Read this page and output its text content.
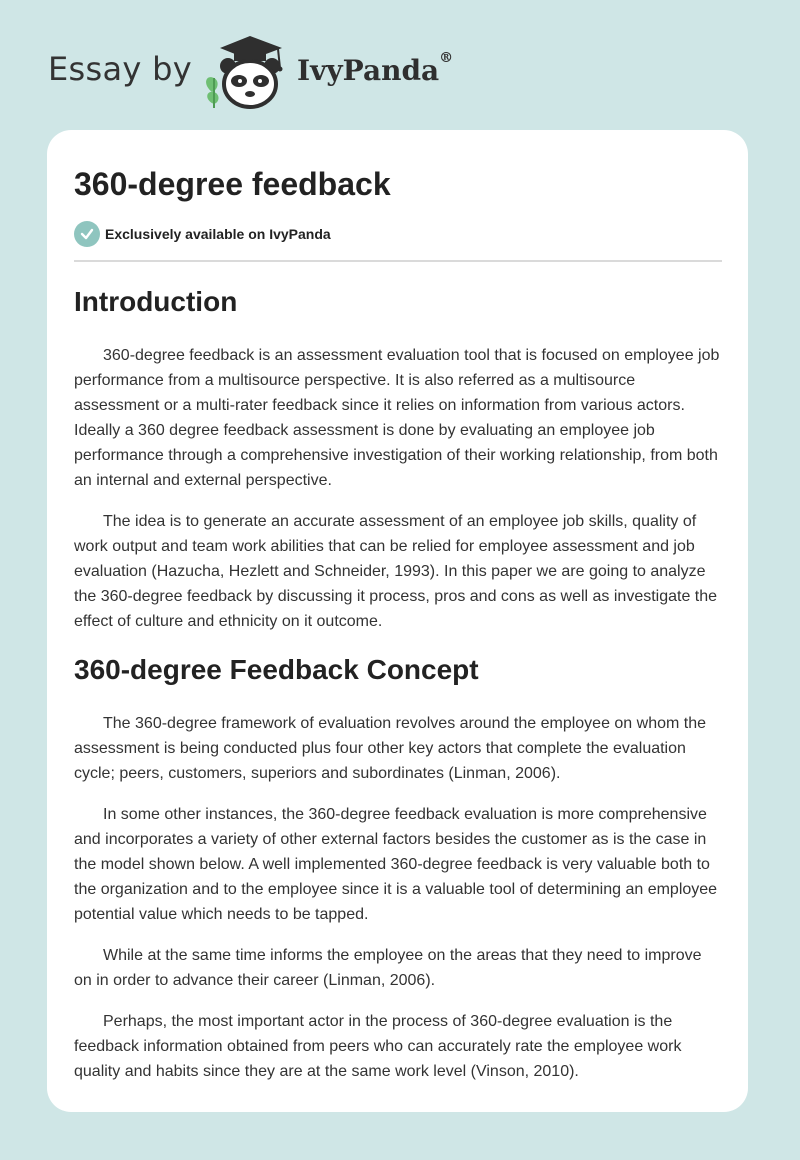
Essay by	IvyPanda®
360-degree feedback
Exclusively available on IvyPanda
Introduction

360-degree feedback is an assessment evaluation tool that is focused on employee job performance from a multisource perspective. It is also referred as a multisource assessment or a multi-rater feedback since it relies on information from various actors. Ideally a 360 degree feedback assessment is done by evaluating an employee job performance through a comprehensive investigation of their working relationship, from both an internal and external perspective.

The idea is to generate an accurate assessment of an employee job skills, quality of work output and team work abilities that can be relied for employee assessment and job evaluation (Hazucha, Hezlett and Schneider, 1993). In this paper we are going to analyze the 360-degree feedback by discussing it process, pros and cons as well as investigate the effect of culture and ethnicity on it outcome.

360-degree Feedback Concept

The 360-degree framework of evaluation revolves around the employee on whom the assessment is being conducted plus four other key actors that complete the evaluation cycle; peers, customers, superiors and subordinates (Linman, 2006).

In some other instances, the 360-degree feedback evaluation is more comprehensive and incorporates a variety of other external factors besides the customer as is the case in the model shown below. A well implemented 360-degree feedback is very valuable both to the organization and to the employee since it is a valuable tool of determining an employee potential value which needs to be tapped.

While at the same time informs the employee on the areas that they need to improve on in order to advance their career (Linman, 2006).

Perhaps, the most important actor in the process of 360-degree evaluation is the feedback information obtained from peers who can accurately rate the employee work quality and habits since they are at the same work level (Vinson, 2010).
